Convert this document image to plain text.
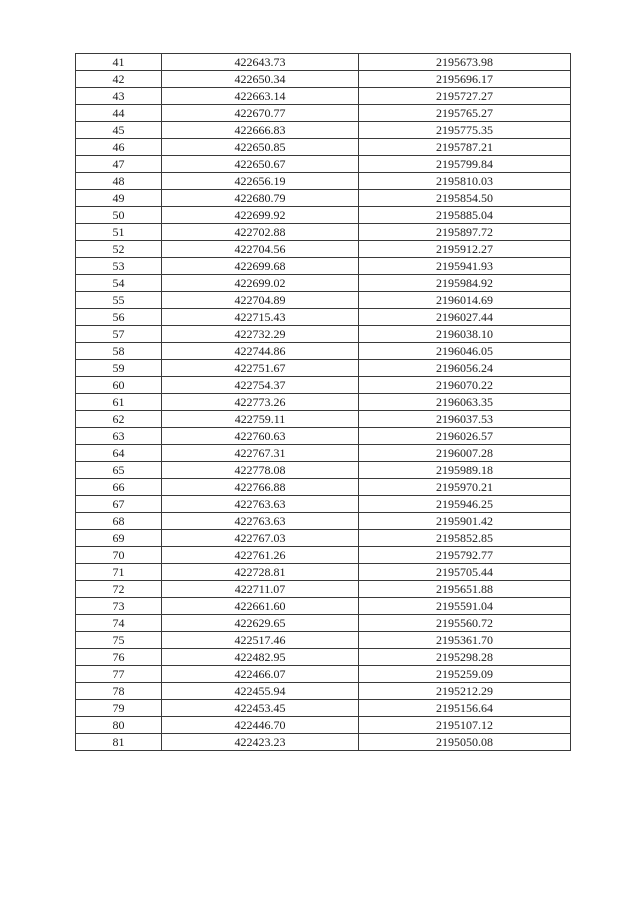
41	422643.73	2195673.98
42	422650.34	2195696.17
43	422663.14	2195727.27
44	422670.77	2195765.27
45	422666.83	2195775.35
46	422650.85	2195787.21
47	422650.67	2195799.84
48	422656.19	2195810.03
49	422680.79	2195854.50
50	422699.92	2195885.04
51	422702.88	2195897.72
52	422704.56	2195912.27
53	422699.68	2195941.93
54	422699.02	2195984.92
55	422704.89	2196014.69
56	422715.43	2196027.44
57	422732.29	2196038.10
58	422744.86	2196046.05
59	422751.67	2196056.24
60	422754.37	2196070.22
61	422773.26	2196063.35
62	422759.11	2196037.53
63	422760.63	2196026.57
64	422767.31	2196007.28
65	422778.08	2195989.18
66	422766.88	2195970.21
67	422763.63	2195946.25
68	422763.63	2195901.42
69	422767.03	2195852.85
70	422761.26	2195792.77
71	422728.81	2195705.44
72	422711.07	2195651.88
73	422661.60	2195591.04
74	422629.65	2195560.72
75	422517.46	2195361.70
76	422482.95	2195298.28
77	422466.07	2195259.09
78	422455.94	2195212.29
79	422453.45	2195156.64
80	422446.70	2195107.12
81	422423.23	2195050.08
